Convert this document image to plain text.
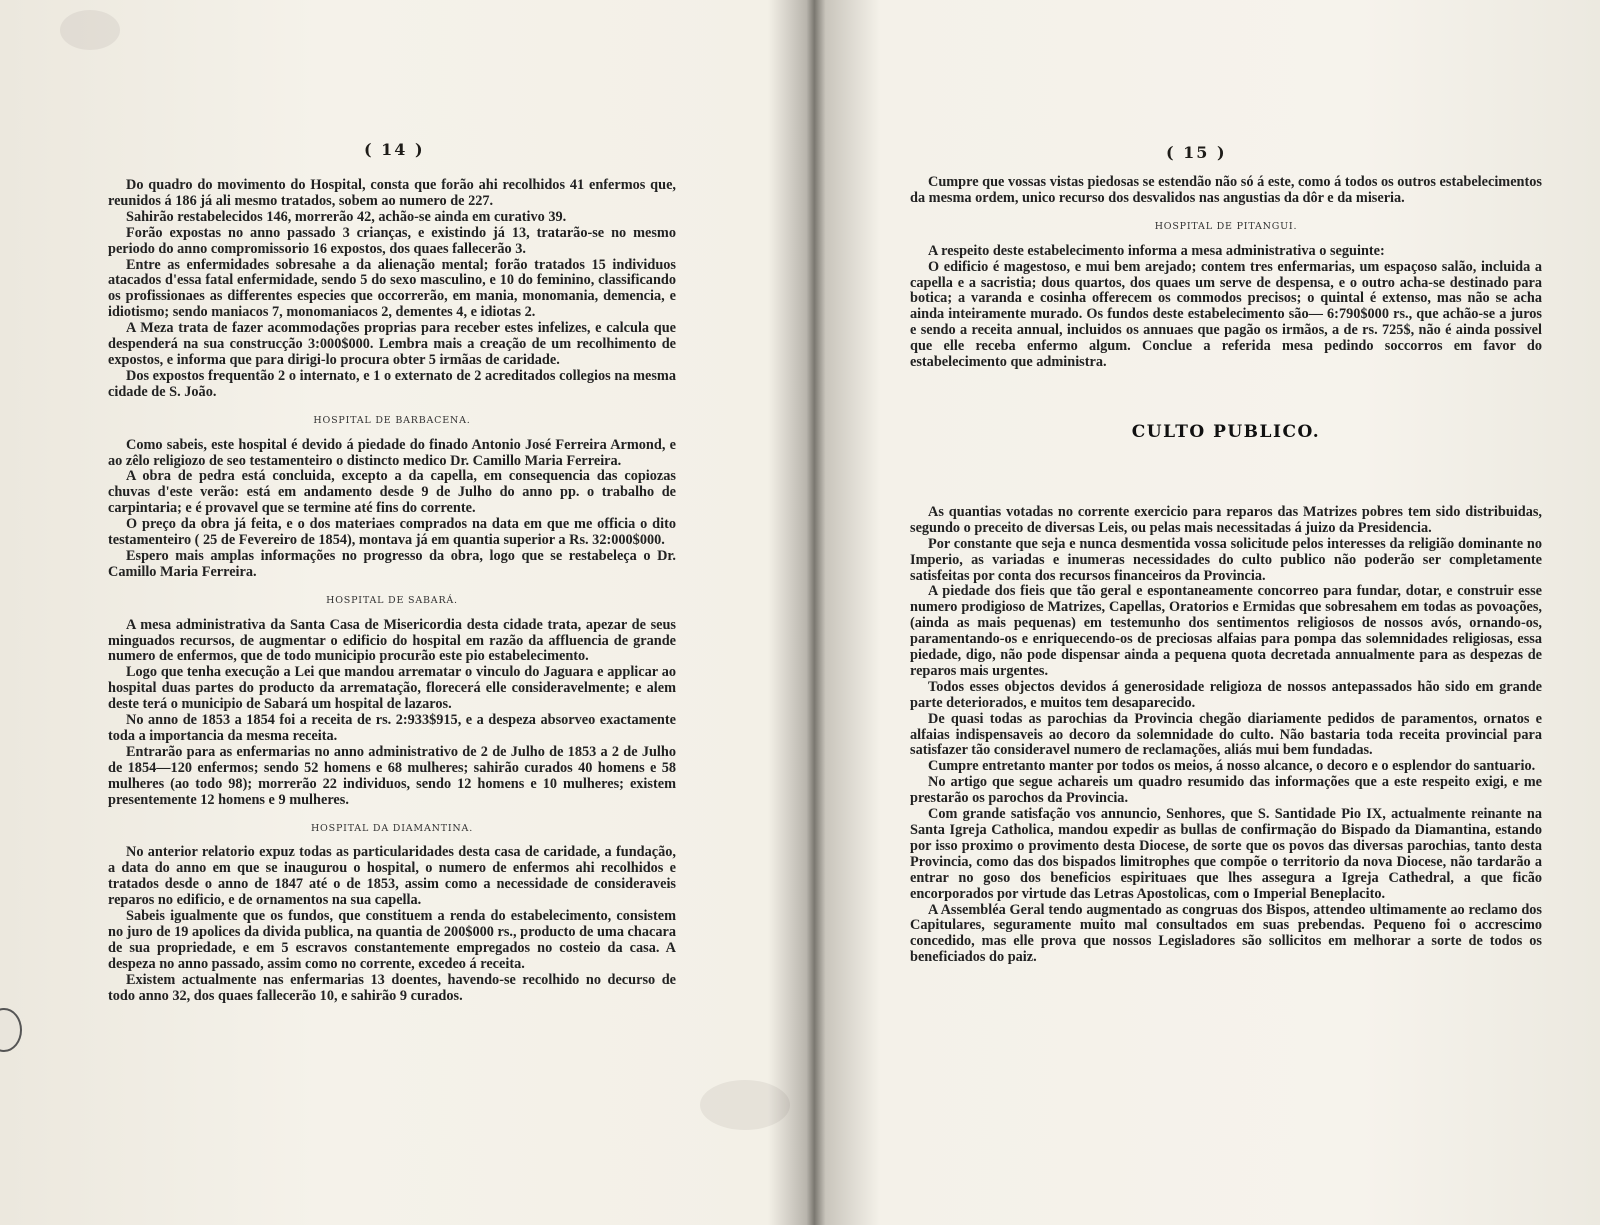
( 14 )

Do quadro do movimento do Hospital, consta que forão ahi recolhidos 41 enfermos que, reunidos á 186 já ali mesmo tratados, sobem ao numero de 227.

Sahirão restabelecidos 146, morrerão 42, achão-se ainda em curativo 39.

Forão expostas no anno passado 3 crianças, e existindo já 13, tratarão-se no mesmo periodo do anno compromissorio 16 expostos, dos quaes fallecerão 3.

Entre as enfermidades sobresahe a da alienação mental; forão tratados 15 individuos atacados d'essa fatal enfermidade, sendo 5 do sexo masculino, e 10 do feminino, classificando os profissionaes as differentes especies que occorrerão, em mania, monomania, demencia, e idiotismo; sendo maniacos 7, monomaniacos 2, dementes 4, e idiotas 2.

A Meza trata de fazer acommodações proprias para receber estes infelizes, e calcula que despenderá na sua construcção 3:000$000. Lembra mais a creação de um recolhimento de expostos, e informa que para dirigi-lo procura obter 5 irmãas de caridade.

Dos expostos frequentão 2 o internato, e 1 o externato de 2 acreditados collegios na mesma cidade de S. João.

HOSPITAL DE BARBACENA.

Como sabeis, este hospital é devido á piedade do finado Antonio José Ferreira Armond, e ao zêlo religiozo de seo testamenteiro o distincto medico Dr. Camillo Maria Ferreira.

A obra de pedra está concluida, excepto a da capella, em consequencia das copiozas chuvas d'este verão: está em andamento desde 9 de Julho do anno pp. o trabalho de carpintaria; e é provavel que se termine até fins do corrente.

O preço da obra já feita, e o dos materiaes comprados na data em que me officia o dito testamenteiro ( 25 de Fevereiro de 1854), montava já em quantia superior a Rs. 32:000$000.

Espero mais amplas informações no progresso da obra, logo que se restabeleça o Dr. Camillo Maria Ferreira.

HOSPITAL DE SABARÁ.

A mesa administrativa da Santa Casa de Misericordia desta cidade trata, apezar de seus minguados recursos, de augmentar o edificio do hospital em razão da affluencia de grande numero de enfermos, que de todo municipio procurão este pio estabelecimento.

Logo que tenha execução a Lei que mandou arrematar o vinculo do Jaguara e applicar ao hospital duas partes do producto da arrematação, florecerá elle consideravelmente; e alem deste terá o municipio de Sabará um hospital de lazaros.

No anno de 1853 a 1854 foi a receita de rs. 2:933$915, e a despeza absorveo exactamente toda a importancia da mesma receita.

Entrarão para as enfermarias no anno administrativo de 2 de Julho de 1853 a 2 de Julho de 1854—120 enfermos; sendo 52 homens e 68 mulheres; sahirão curados 40 homens e 58 mulheres (ao todo 98); morrerão 22 individuos, sendo 12 homens e 10 mulheres; existem presentemente 12 homens e 9 mulheres.

HOSPITAL DA DIAMANTINA.

No anterior relatorio expuz todas as particularidades desta casa de caridade, a fundação, a data do anno em que se inaugurou o hospital, o numero de enfermos ahi recolhidos e tratados desde o anno de 1847 até o de 1853, assim como a necessidade de consideraveis reparos no edificio, e de ornamentos na sua capella.

Sabeis igualmente que os fundos, que constituem a renda do estabelecimento, consistem no juro de 19 apolices da divida publica, na quantia de 200$000 rs., producto de uma chacara de sua propriedade, e em 5 escravos constantemente empregados no costeio da casa. A despeza no anno passado, assim como no corrente, excedeo á receita.

Existem actualmente nas enfermarias 13 doentes, havendo-se recolhido no decurso de todo anno 32, dos quaes fallecerão 10, e sahirão 9 curados.

( 15 )

Cumpre que vossas vistas piedosas se estendão não só á este, como á todos os outros estabelecimentos da mesma ordem, unico recurso dos desvalidos nas angustias da dôr e da miseria.

HOSPITAL DE PITANGUI.

A respeito deste estabelecimento informa a mesa administrativa o seguinte:

O edificio é magestoso, e mui bem arejado; contem tres enfermarias, um espaçoso salão, incluida a capella e a sacristia; dous quartos, dos quaes um serve de despensa, e o outro acha-se destinado para botica; a varanda e cosinha offerecem os commodos precisos; o quintal é extenso, mas não se acha ainda inteiramente murado. Os fundos deste estabelecimento são— 6:790$000 rs., que achão-se a juros e sendo a receita annual, incluidos os annuaes que pagão os irmãos, a de rs. 725$, não é ainda possivel que elle receba enfermo algum. Conclue a referida mesa pedindo soccorros em favor do estabelecimento que administra.

CULTO PUBLICO.

As quantias votadas no corrente exercicio para reparos das Matrizes pobres tem sido distribuidas, segundo o preceito de diversas Leis, ou pelas mais necessitadas á juizo da Presidencia.

Por constante que seja e nunca desmentida vossa solicitude pelos interesses da religião dominante no Imperio, as variadas e inumeras necessidades do culto publico não poderão ser completamente satisfeitas por conta dos recursos financeiros da Provincia.

A piedade dos fieis que tão geral e espontaneamente concorreo para fundar, dotar, e construir esse numero prodigioso de Matrizes, Capellas, Oratorios e Ermidas que sobresahem em todas as povoações, (ainda as mais pequenas) em testemunho dos sentimentos religiosos de nossos avós, ornando-os, paramentando-os e enriquecendo-os de preciosas alfaias para pompa das solemnidades religiosas, essa piedade, digo, não pode dispensar ainda a pequena quota decretada annualmente para as despezas de reparos mais urgentes.

Todos esses objectos devidos á generosidade religioza de nossos antepassados hão sido em grande parte deteriorados, e muitos tem desaparecido.

De quasi todas as parochias da Provincia chegão diariamente pedidos de paramentos, ornatos e alfaias indispensaveis ao decoro da solemnidade do culto. Não bastaria toda receita provincial para satisfazer tão consideravel numero de reclamações, aliás mui bem fundadas.

Cumpre entretanto manter por todos os meios, á nosso alcance, o decoro e o esplendor do santuario.

No artigo que segue achareis um quadro resumido das informações que a este respeito exigi, e me prestarão os parochos da Provincia.

Com grande satisfação vos annuncio, Senhores, que S. Santidade Pio IX, actualmente reinante na Santa Igreja Catholica, mandou expedir as bullas de confirmação do Bispado da Diamantina, estando por isso proximo o provimento desta Diocese, de sorte que os povos das diversas parochias, tanto desta Provincia, como das dos bispados limitrophes que compõe o territorio da nova Diocese, não tardarão a entrar no goso dos beneficios espirituaes que lhes assegura a Igreja Cathedral, a que ficão encorporados por virtude das Letras Apostolicas, com o Imperial Beneplacito.

A Assembléa Geral tendo augmentado as congruas dos Bispos, attendeo ultimamente ao reclamo dos Capitulares, seguramente muito mal consultados em suas prebendas. Pequeno foi o accrescimo concedido, mas elle prova que nossos Legisladores são sollicitos em melhorar a sorte de todos os beneficiados do paiz.
